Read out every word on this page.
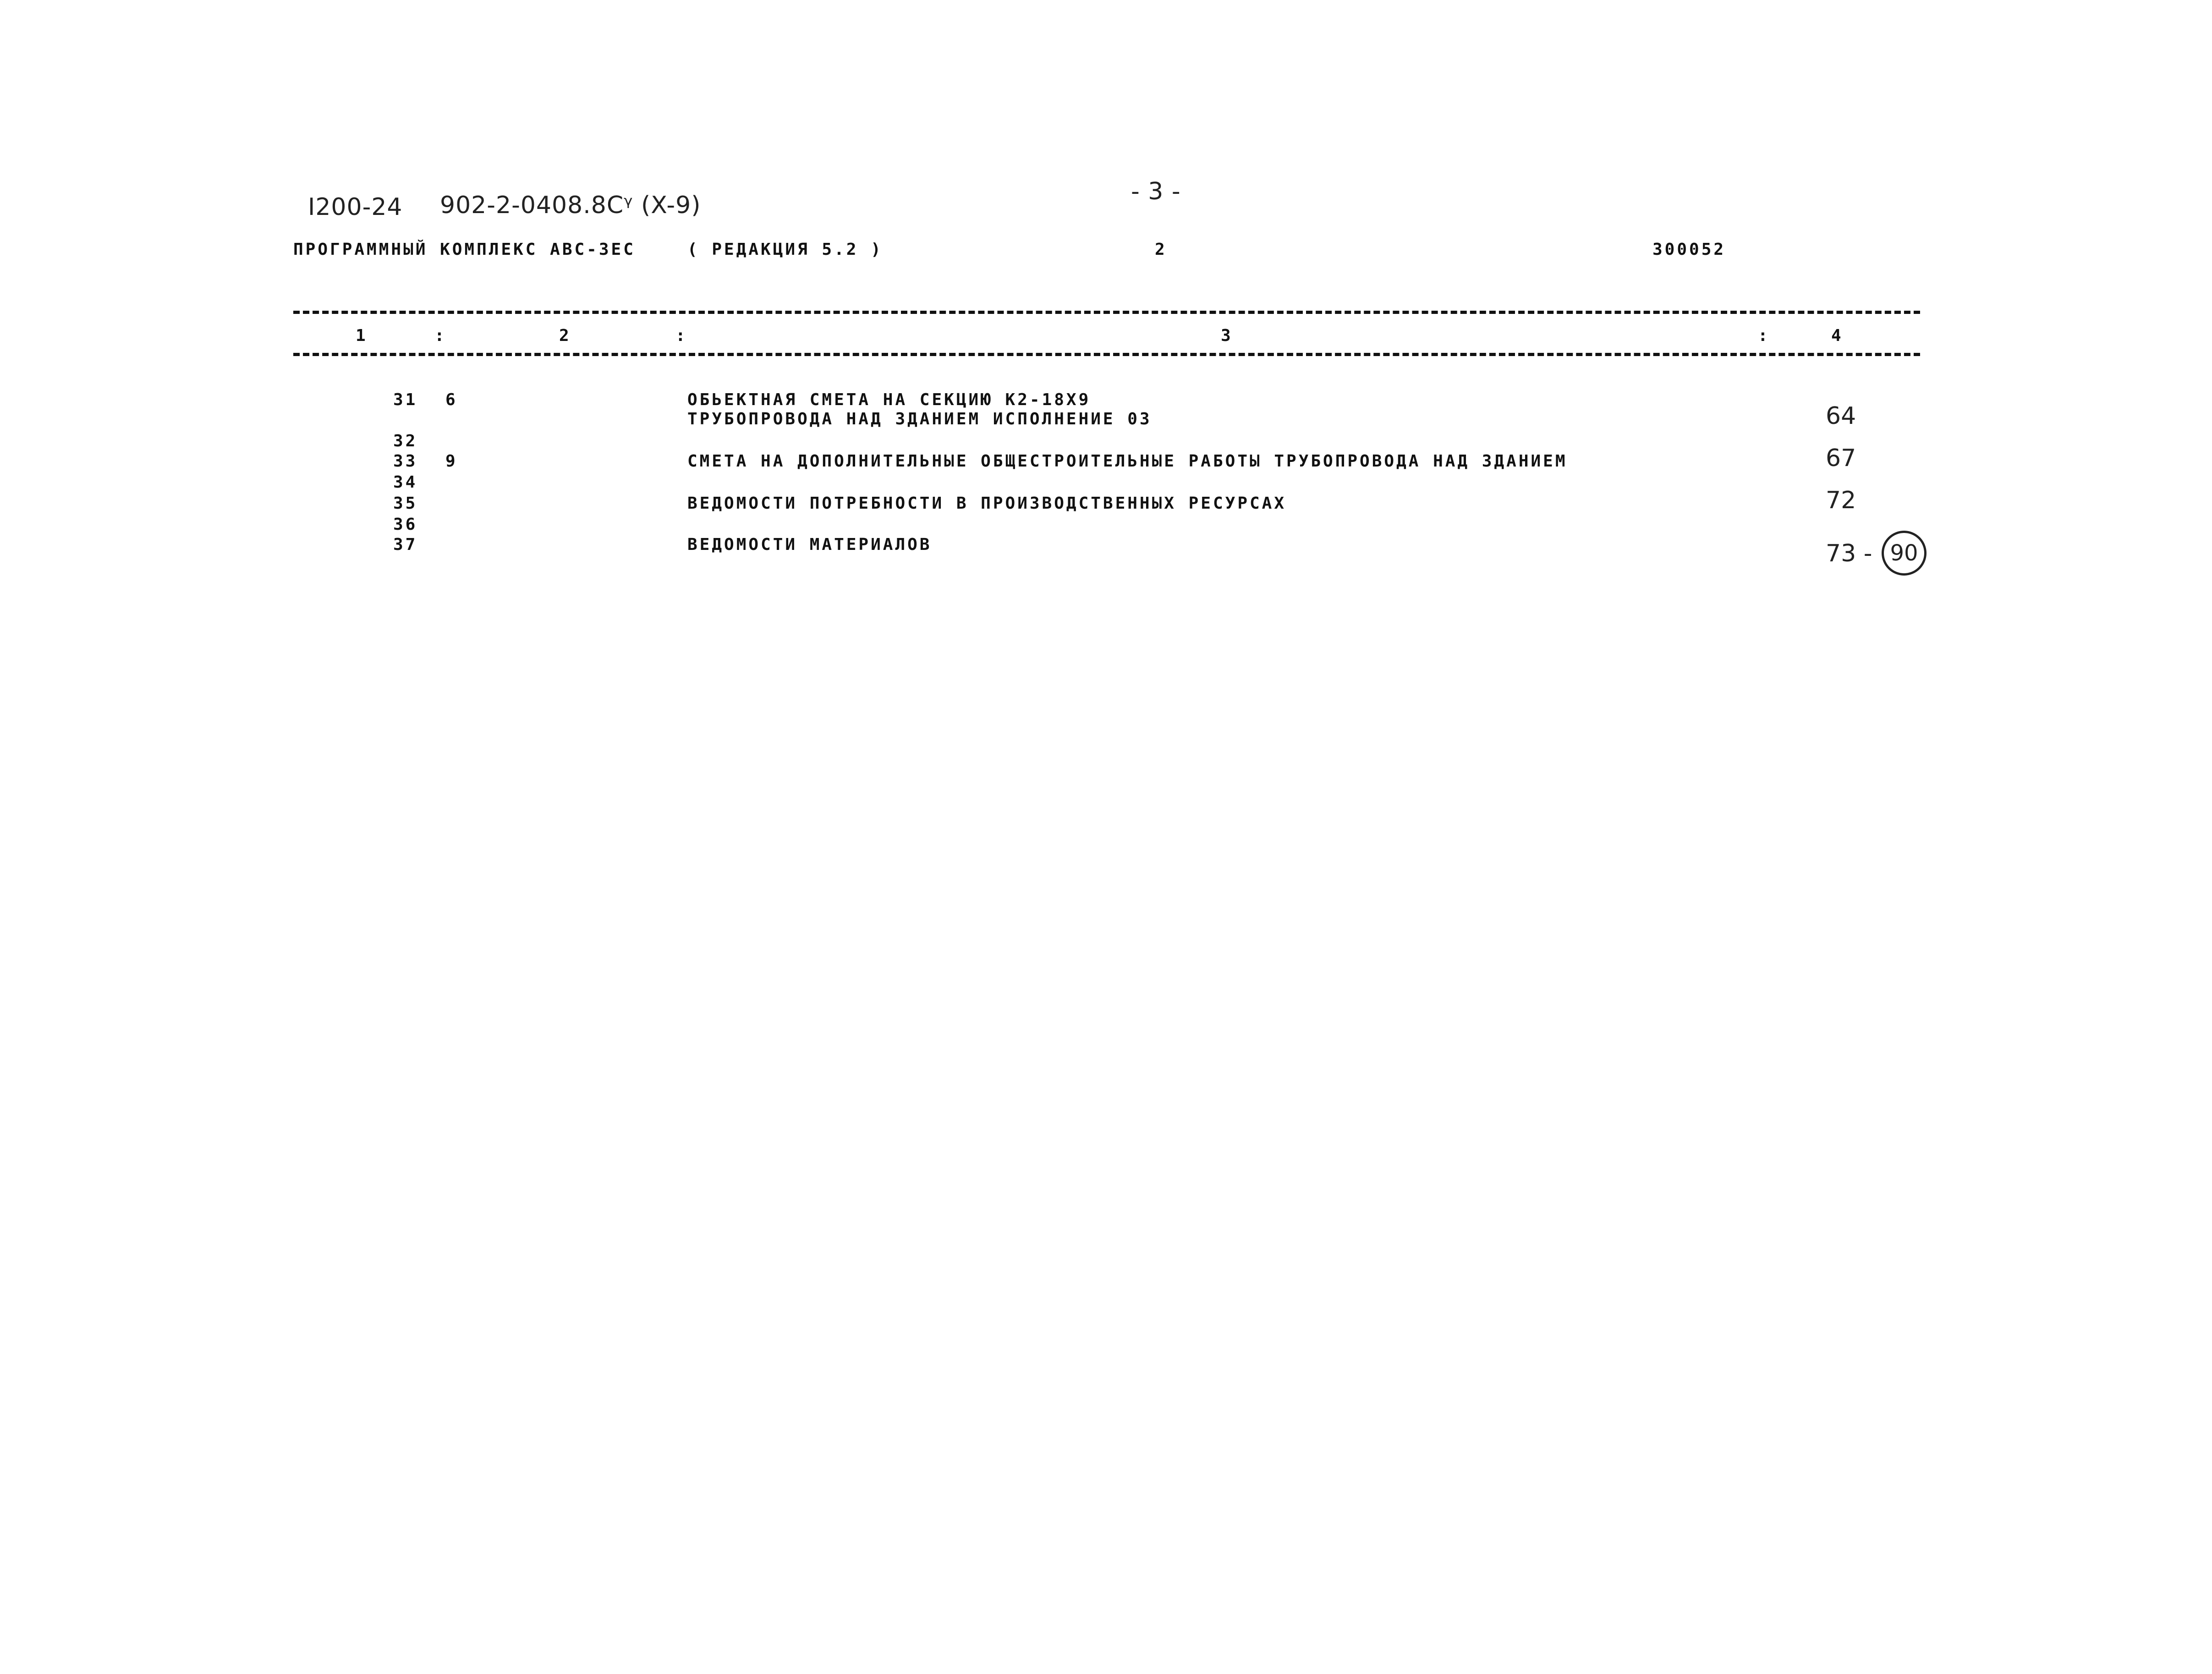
I200-24 902-2-0408.8Сᵞ (X-9)	- 3 -
ПРОГРАММНЫЙ КОМПЛЕКС АВС-ЗЕС	( РЕДАКЦИЯ 5.2 )	2	300052
1	:	2	:	3	:	4
31 6	ОБЬЕКТНАЯ СМЕТА НА СЕКЦИЮ К2-18Х9
ТРУБОПРОВОДА НАД ЗДАНИЕМ ИСПОЛНЕНИЕ 03	64
32
33 9	СМЕТА НА ДОПОЛНИТЕЛЬНЫЕ ОБЩЕСТРОИТЕЛЬНЫЕ РАБОТЫ ТРУБОПРОВОДА НАД ЗДАНИЕМ	67
34
35	ВЕДОМОСТИ ПОТРЕБНОСТИ В ПРОИЗВОДСТВЕННЫХ РЕСУРСАХ	72
36
37	ВЕДОМОСТИ МАТЕРИАЛОВ	73 - 90
